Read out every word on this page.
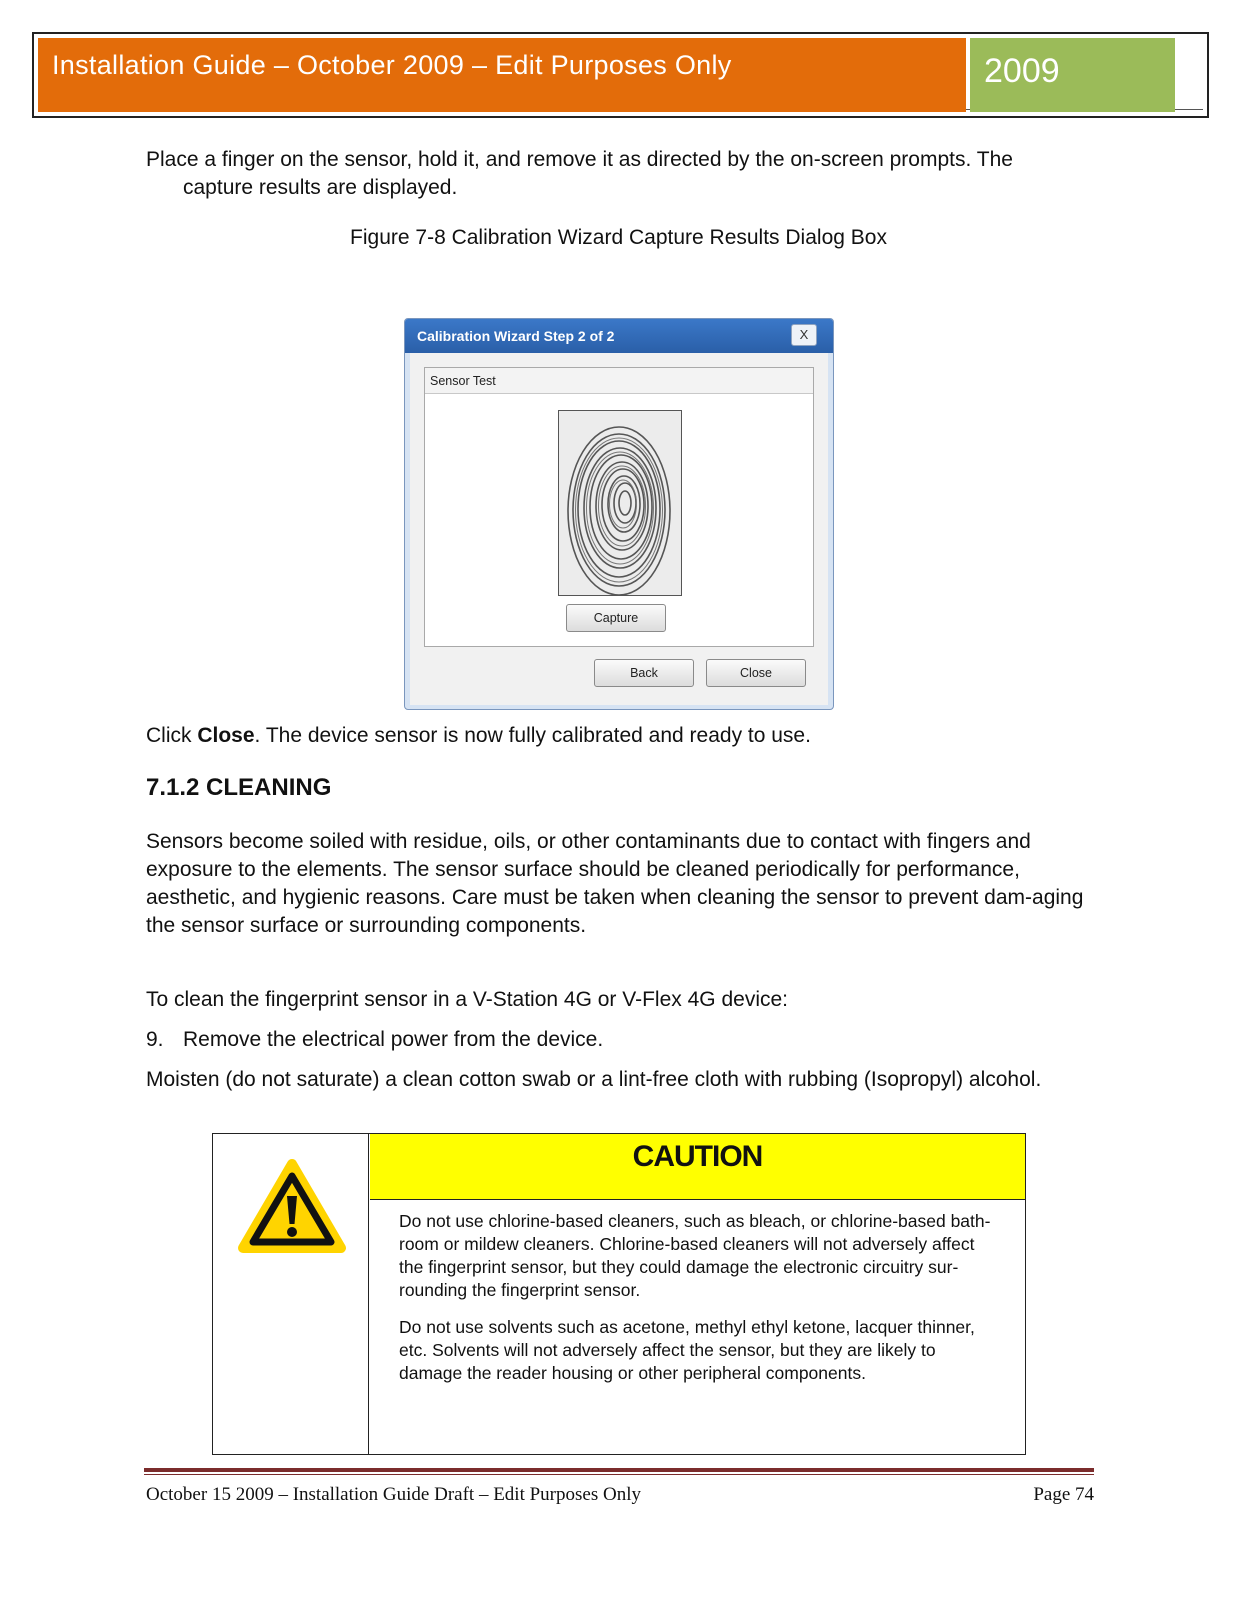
Installation Guide – October 2009 – Edit Purposes Only	2009
Place a finger on the sensor, hold it, and remove it as directed by the on-screen prompts. The capture results are displayed.
Figure 7-8 Calibration Wizard Capture Results Dialog Box
Calibration Wizard Step 2 of 2	X
Sensor Test
Capture
Back	Close
Click Close. The device sensor is now fully calibrated and ready to use.
7.1.2 CLEANING
Sensors become soiled with residue, oils, or other contaminants due to contact with fingers and exposure to the elements. The sensor surface should be cleaned periodically for performance, aesthetic, and hygienic reasons. Care must be taken when cleaning the sensor to prevent dam-aging the sensor surface or surrounding components.
To clean the fingerprint sensor in a V-Station 4G or V-Flex 4G device:
9. Remove the electrical power from the device.
Moisten (do not saturate) a clean cotton swab or a lint-free cloth with rubbing (Isopropyl) alcohol.
CAUTION
Do not use chlorine-based cleaners, such as bleach, or chlorine-based bath-room or mildew cleaners. Chlorine-based cleaners will not adversely affect the fingerprint sensor, but they could damage the electronic circuitry sur-rounding the fingerprint sensor.
Do not use solvents such as acetone, methyl ethyl ketone, lacquer thinner, etc. Solvents will not adversely affect the sensor, but they are likely to damage the reader housing or other peripheral components.
October 15 2009 – Installation Guide Draft – Edit Purposes Only	Page 74
